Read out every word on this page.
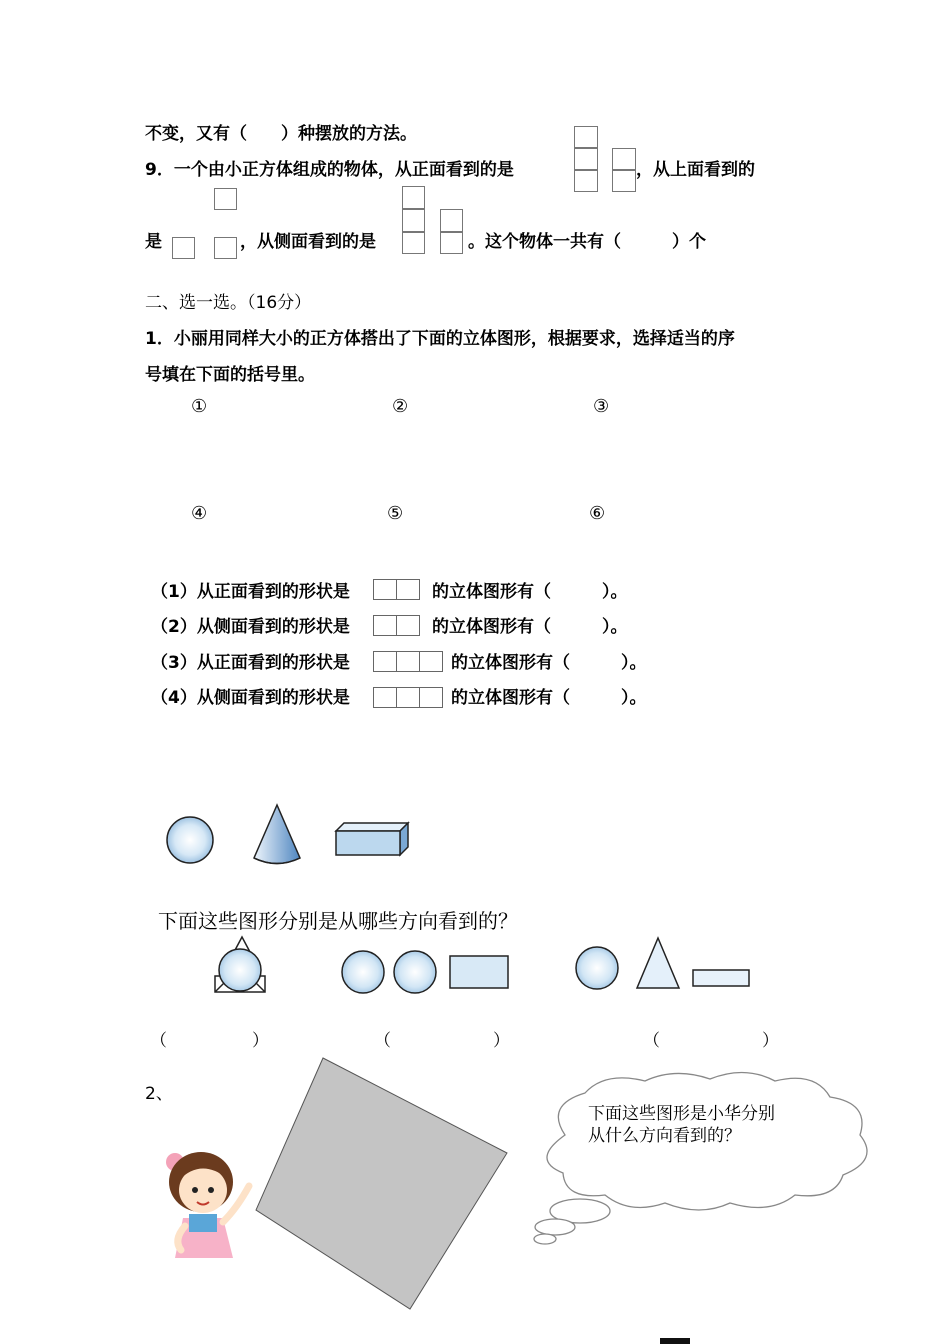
不变，又有（　　）种摆放的方法。
9．一个由小正方体组成的物体，从正面看到的是	，从上面看到的
是	，从侧面看到的是	。这个物体一共有（　　　）个
二、选一选。（16分）
1．小丽用同样大小的正方体搭出了下面的立体图形，根据要求，选择适当的序
号填在下面的括号里。
①	②	③
④	⑤	⑥
（1）从正面看到的形状是	的立体图形有（　　　）。
（2）从侧面看到的形状是	的立体图形有（　　　）。
（3）从正面看到的形状是	的立体图形有（　　　）。
（4）从侧面看到的形状是	的立体图形有（　　　）。
下面这些图形分别是从哪些方向看到的？
（　　　　　）	（　　　　　　）	（　　　　　　）
2、
下面这些图形是小华分别
从什么方向看到的？
